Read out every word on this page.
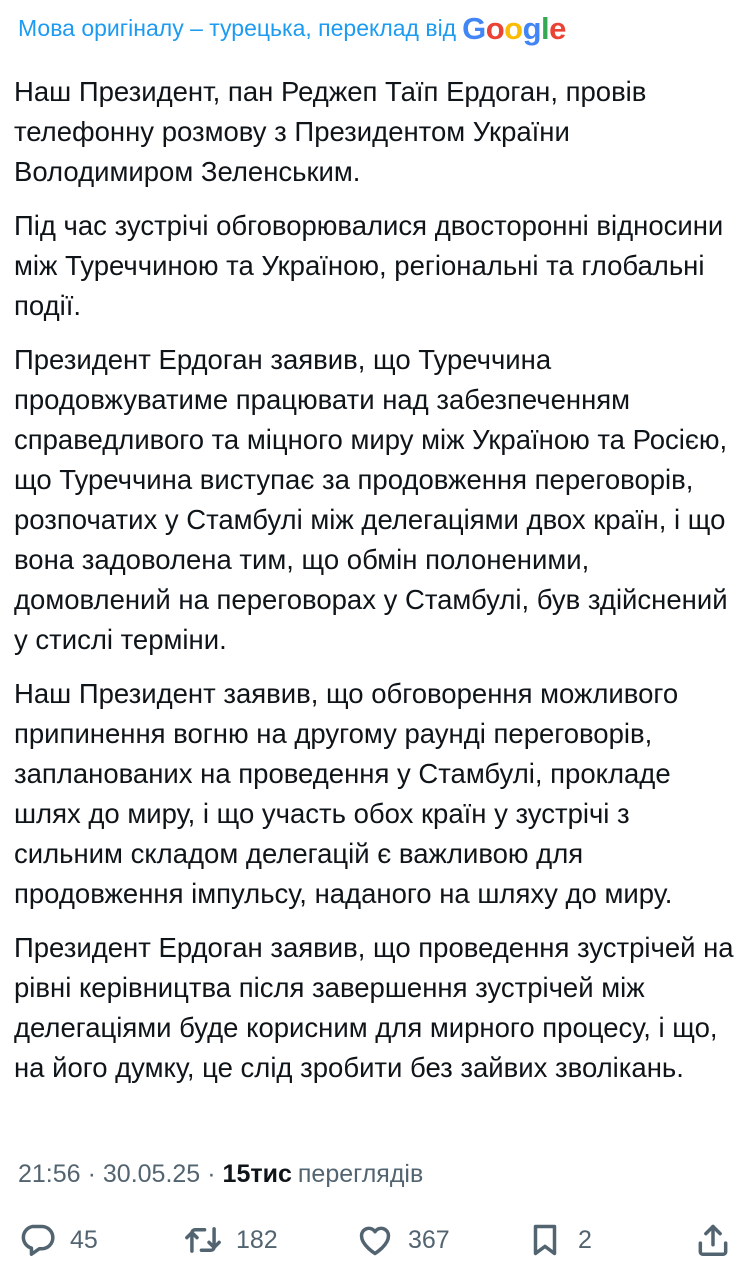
Мова оригіналу – турецька, переклад від Google

Наш Президент, пан Реджеп Таїп Ердоган, провів телефонну розмову з Президентом України Володимиром Зеленським.

Під час зустрічі обговорювалися двосторонні відносини між Туреччиною та Україною, регіональні та глобальні події.

Президент Ердоган заявив, що Туреччина продовжуватиме працювати над забезпеченням справедливого та міцного миру між Україною та Росією, що Туреччина виступає за продовження переговорів, розпочатих у Стамбулі між делегаціями двох країн, і що вона задоволена тим, що обмін полоненими, домовлений на переговорах у Стамбулі, був здійснений у стислі терміни.

Наш Президент заявив, що обговорення можливого припинення вогню на другому раунді переговорів, запланованих на проведення у Стамбулі, прокладе шлях до миру, і що участь обох країн у зустрічі з сильним складом делегацій є важливою для продовження імпульсу, наданого на шляху до миру.

Президент Ердоган заявив, що проведення зустрічей на рівні керівництва після завершення зустрічей між делегаціями буде корисним для мирного процесу, і що, на його думку, це слід зробити без зайвих зволікань.

21:56 · 30.05.25 · 15тис переглядів
45	182	367	2
